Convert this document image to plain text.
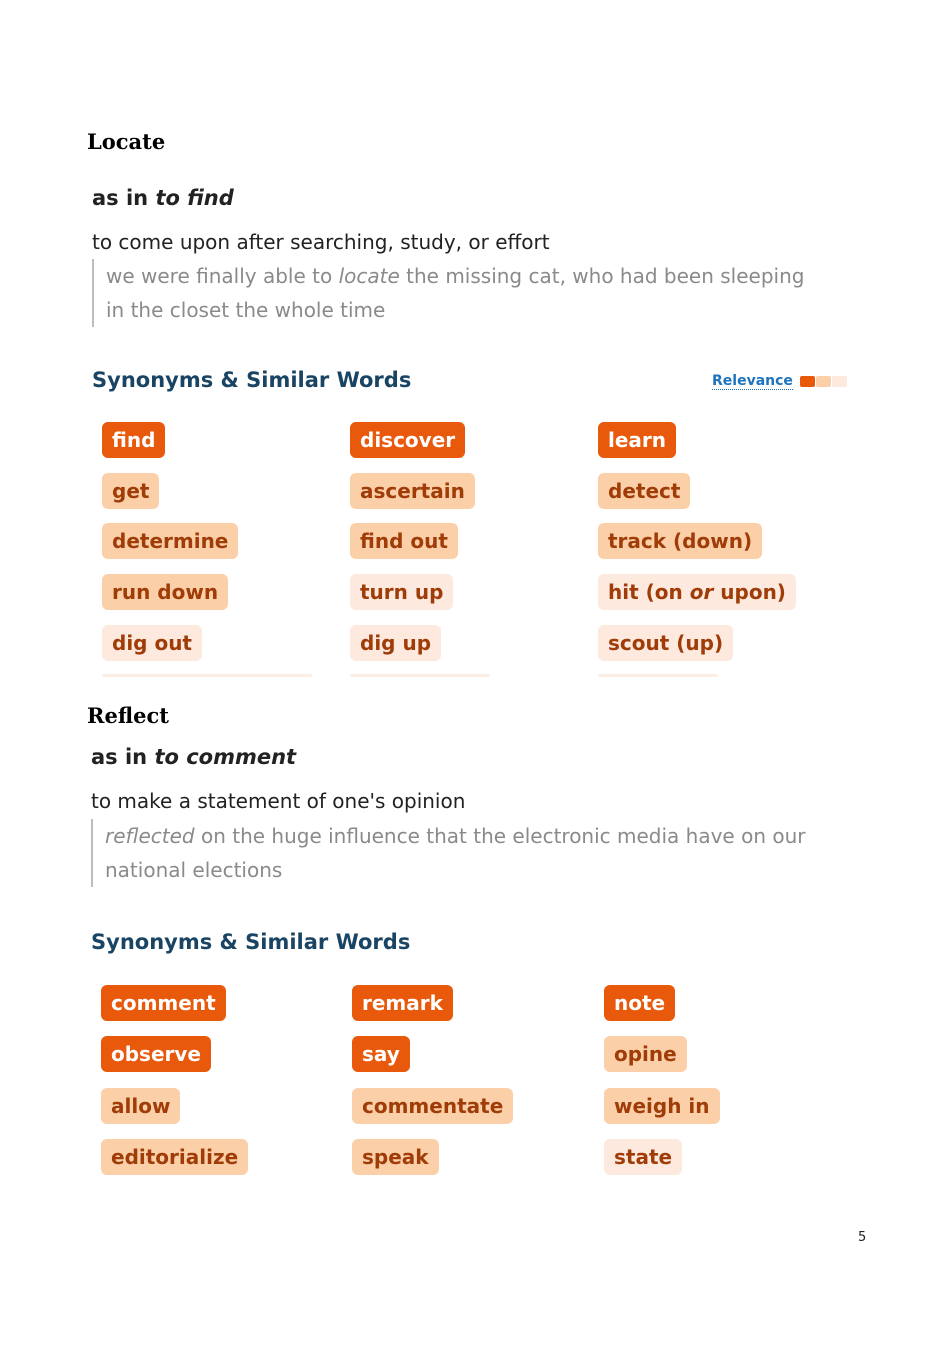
Locate
as in to find
to come upon after searching, study, or effort
we were finally able to locate the missing cat, who had been sleeping
in the closet the whole time
Synonyms & Similar Words	Relevance
find	discover	learn
get	ascertain	detect
determine	find out	track (down)
run down	turn up	hit (on or upon)
dig out	dig up	scout (up)
Reflect
as in to comment
to make a statement of one's opinion
reflected on the huge influence that the electronic media have on our
national elections
Synonyms & Similar Words
comment	remark	note
observe	say	opine
allow	commentate	weigh in
editorialize	speak	state
5
